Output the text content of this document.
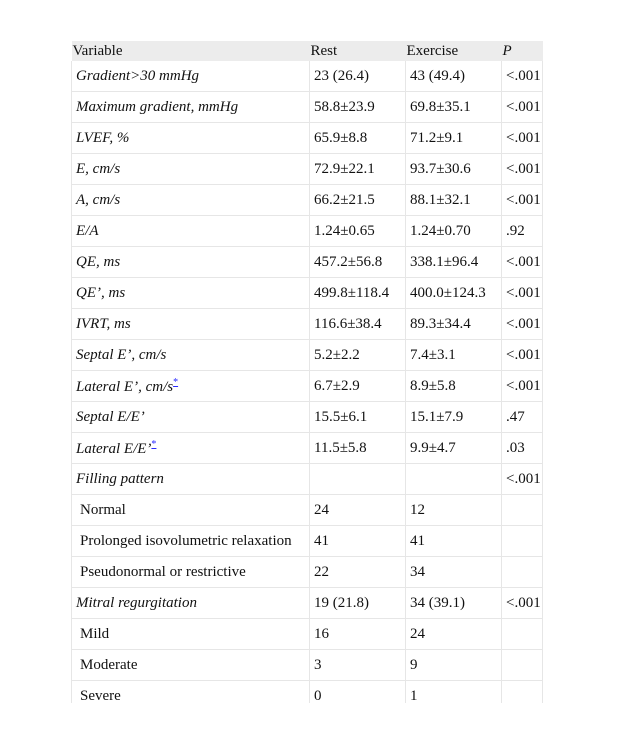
Variable	Rest	Exercise	P
Gradient>30 mmHg	23 (26.4)	43 (49.4)	<.001
Maximum gradient, mmHg	58.8±23.9	69.8±35.1	<.001
LVEF, %	65.9±8.8	71.2±9.1	<.001
E, cm/s	72.9±22.1	93.7±30.6	<.001
A, cm/s	66.2±21.5	88.1±32.1	<.001
E/A	1.24±0.65	1.24±0.70	.92
QE, ms	457.2±56.8	338.1±96.4	<.001
QE’, ms	499.8±118.4	400.0±124.3	<.001
IVRT, ms	116.6±38.4	89.3±34.4	<.001
Septal E’, cm/s	5.2±2.2	7.4±3.1	<.001
Lateral E’, cm/s*	6.7±2.9	8.9±5.8	<.001
Septal E/E’	15.5±6.1	15.1±7.9	.47
Lateral E/E’*	11.5±5.8	9.9±4.7	.03
Filling pattern			<.001
Normal	24	12	
Prolonged isovolumetric relaxation	41	41	
Pseudonormal or restrictive	22	34	
Mitral regurgitation	19 (21.8)	34 (39.1)	<.001
Mild	16	24	
Moderate	3	9	
Severe	0	1	
